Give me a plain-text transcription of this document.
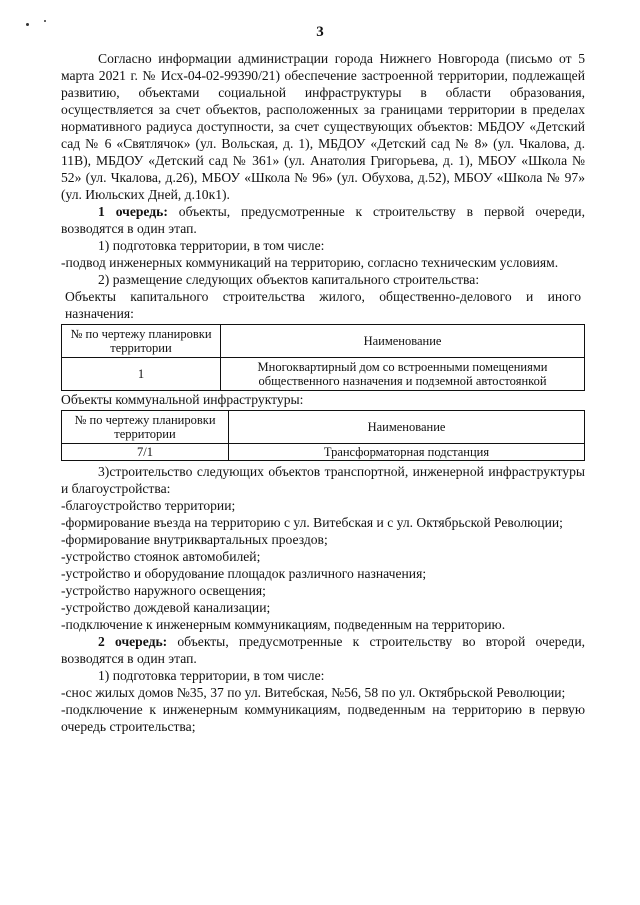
3

Согласно информации администрации города Нижнего Новгорода (письмо от 5 марта 2021 г. № Исх-04-02-99390/21) обеспечение застроенной территории, подлежащей развитию, объектами социальной инфраструктуры в области образования, осуществляется за счет объектов, расположенных за границами территории в пределах нормативного радиуса доступности, за счет существующих объектов: МБДОУ «Детский сад № 6 «Святлячок» (ул. Вольская, д. 1), МБДОУ «Детский сад № 8» (ул. Чкалова, д. 11В), МБДОУ «Детский сад № 361» (ул. Анатолия Григорьева, д. 1), МБОУ «Школа № 52» (ул. Чкалова, д.26), МБОУ «Школа № 96» (ул. Обухова, д.52), МБОУ «Школа № 97» (ул. Июльских Дней, д.10к1).

1 очередь: объекты, предусмотренные к строительству в первой очереди, возводятся в один этап.

1) подготовка территории, в том числе:

-подвод инженерных коммуникаций на территорию, согласно техническим условиям.

2) размещение следующих объектов капитального строительства:

Объекты капитального строительства жилого, общественно-делового и иного назначения:

№ по чертежу планировки территории	Наименование
1	Многоквартирный дом со встроенными помещениями общественного назначения и подземной автостоянкой

Объекты коммунальной инфраструктуры:

№ по чертежу планировки территории	Наименование
7/1	Трансформаторная подстанция

3)строительство следующих объектов транспортной, инженерной инфраструктуры и благоустройства:

-благоустройство территории;

-формирование въезда на территорию с ул. Витебская и с ул. Октябрьской Революции;

-формирование внутриквартальных проездов;

-устройство стоянок автомобилей;

-устройство и оборудование площадок различного назначения;

-устройство наружного освещения;

-устройство дождевой канализации;

-подключение к инженерным коммуникациям, подведенным на территорию.

2 очередь: объекты, предусмотренные к строительству во второй очереди, возводятся в один этап.

1) подготовка территории, в том числе:

-снос жилых домов №35, 37 по ул. Витебская, №56, 58 по ул. Октябрьской Революции;

-подключение к инженерным коммуникациям, подведенным на территорию в первую очередь строительства;
